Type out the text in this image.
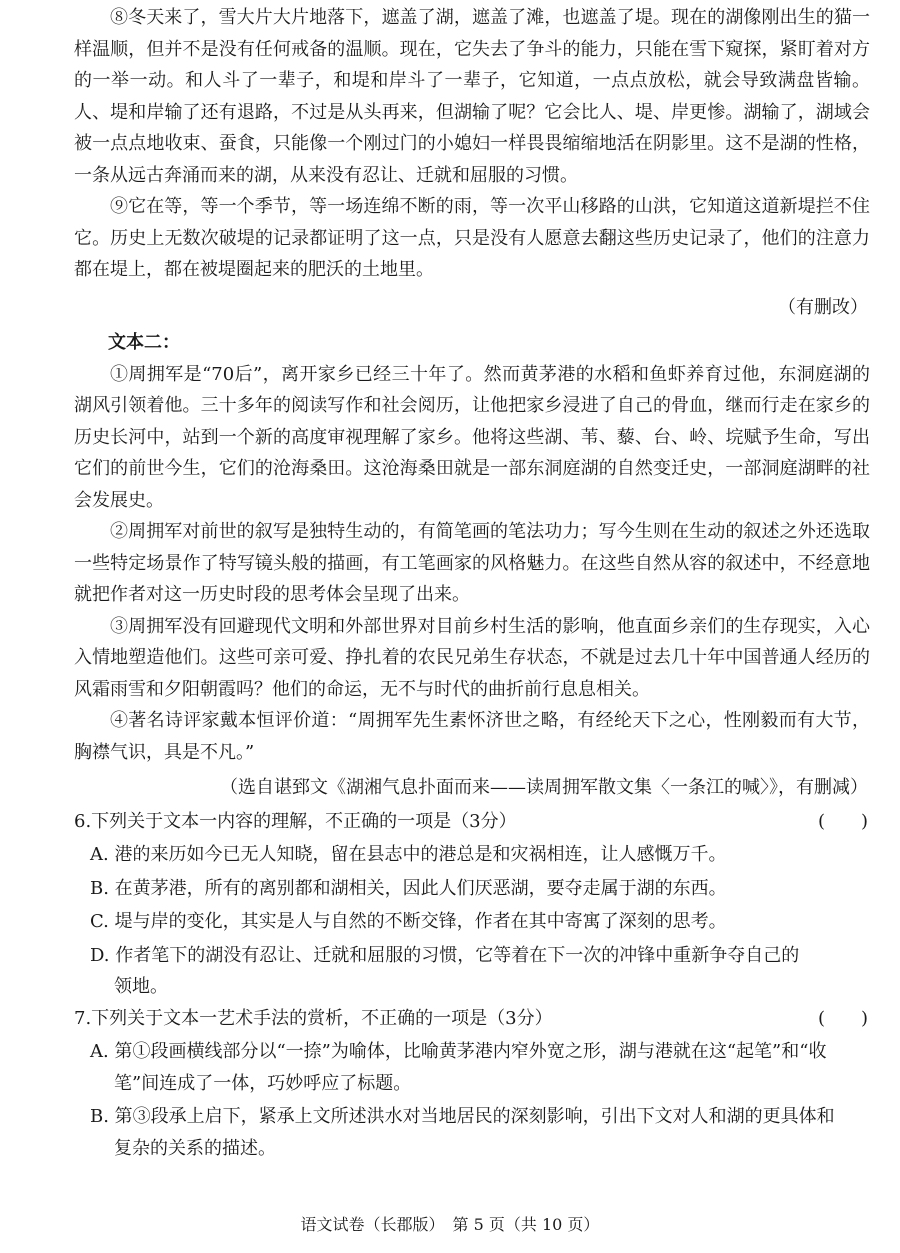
⑧冬天来了，雪大片大片地落下，遮盖了湖，遮盖了滩，也遮盖了堤。现在的湖像刚出生的猫一样温顺，但并不是没有任何戒备的温顺。现在，它失去了争斗的能力，只能在雪下窥探，紧盯着对方的一举一动。和人斗了一辈子，和堤和岸斗了一辈子，它知道，一点点放松，就会导致满盘皆输。人、堤和岸输了还有退路，不过是从头再来，但湖输了呢？它会比人、堤、岸更惨。湖输了，湖域会被一点点地收束、蚕食，只能像一个刚过门的小媳妇一样畏畏缩缩地活在阴影里。这不是湖的性格，一条从远古奔涌而来的湖，从来没有忍让、迁就和屈服的习惯。

⑨它在等，等一个季节，等一场连绵不断的雨，等一次平山移路的山洪，它知道这道新堤拦不住它。历史上无数次破堤的记录都证明了这一点，只是没有人愿意去翻这些历史记录了，他们的注意力都在堤上，都在被堤圈起来的肥沃的土地里。

（有删改）

文本二：

①周拥军是“70后”，离开家乡已经三十年了。然而黄茅港的水稻和鱼虾养育过他，东洞庭湖的湖风引领着他。三十多年的阅读写作和社会阅历，让他把家乡浸进了自己的骨血，继而行走在家乡的历史长河中，站到一个新的高度审视理解了家乡。他将这些湖、苇、藜、台、岭、垸赋予生命，写出它们的前世今生，它们的沧海桑田。这沧海桑田就是一部东洞庭湖的自然变迁史，一部洞庭湖畔的社会发展史。

②周拥军对前世的叙写是独特生动的，有简笔画的笔法功力；写今生则在生动的叙述之外还选取一些特定场景作了特写镜头般的描画，有工笔画家的风格魅力。在这些自然从容的叙述中，不经意地就把作者对这一历史时段的思考体会呈现了出来。

③周拥军没有回避现代文明和外部世界对目前乡村生活的影响，他直面乡亲们的生存现实，入心入情地塑造他们。这些可亲可爱、挣扎着的农民兄弟生存状态，不就是过去几十年中国普通人经历的风霜雨雪和夕阳朝霞吗？他们的命运，无不与时代的曲折前行息息相关。

④著名诗评家戴本恒评价道：“周拥军先生素怀济世之略，有经纶天下之心，性刚毅而有大节，胸襟气识，具是不凡。”

（选自谌郅文《湖湘气息扑面而来——读周拥军散文集〈一条江的喊〉》，有删减）

6.下列关于文本一内容的理解，不正确的一项是（3分）	(　　)

A. 港的来历如今已无人知晓，留在县志中的港总是和灾祸相连，让人感慨万千。

B. 在黄茅港，所有的离别都和湖相关，因此人们厌恶湖，要夺走属于湖的东西。

C. 堤与岸的变化，其实是人与自然的不断交锋，作者在其中寄寓了深刻的思考。

D. 作者笔下的湖没有忍让、迁就和屈服的习惯，它等着在下一次的冲锋中重新争夺自己的
领地。

7.下列关于文本一艺术手法的赏析，不正确的一项是（3分）	(　　)

A. 第①段画横线部分以“一捺”为喻体，比喻黄茅港内窄外宽之形，湖与港就在这“起笔”和“收
笔”间连成了一体，巧妙呼应了标题。

B. 第③段承上启下，紧承上文所述洪水对当地居民的深刻影响，引出下文对人和湖的更具体和
复杂的关系的描述。

语文试卷（长郡版）　第 5 页（共 10 页）
